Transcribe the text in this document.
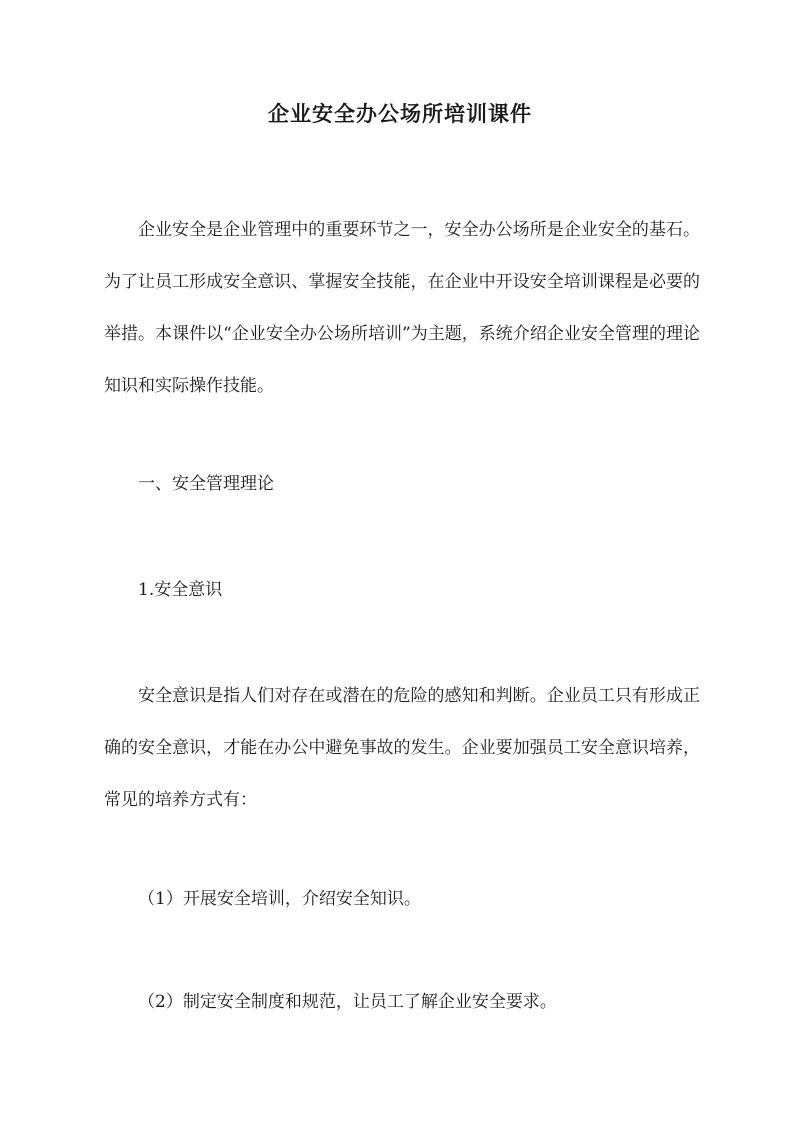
企业安全办公场所培训课件

企业安全是企业管理中的重要环节之一，安全办公场所是企业安全的基石。为了让员工形成安全意识、掌握安全技能，在企业中开设安全培训课程是必要的举措。本课件以“企业安全办公场所培训”为主题，系统介绍企业安全管理的理论知识和实际操作技能。

一、安全管理理论

1.安全意识

安全意识是指人们对存在或潜在的危险的感知和判断。企业员工只有形成正确的安全意识，才能在办公中避免事故的发生。企业要加强员工安全意识培养，常见的培养方式有：

（1）开展安全培训，介绍安全知识。

（2）制定安全制度和规范，让员工了解企业安全要求。
